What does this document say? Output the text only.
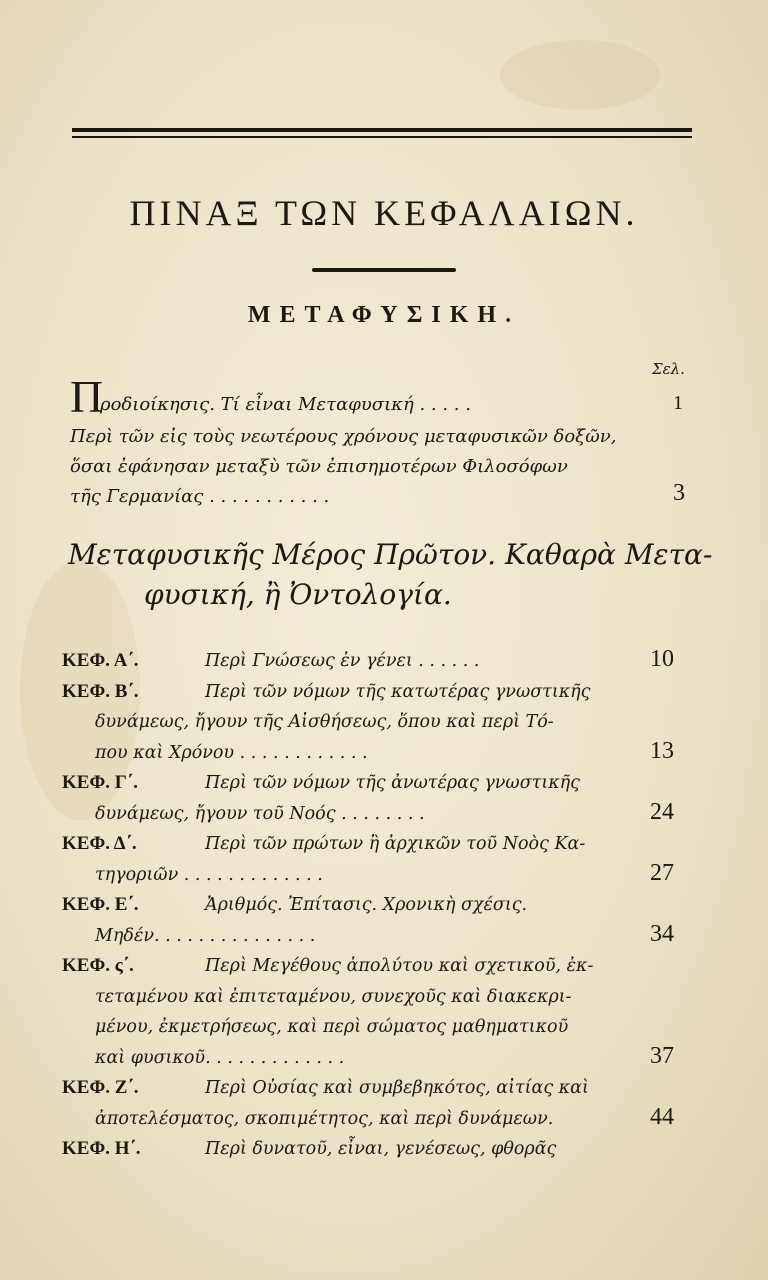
ΠΙΝΑΞ ΤΩΝ ΚΕΦΑΛΑΙΩΝ.
ΜΕΤΑΦΥΣΙΚΗ.
Σελ.
Π
ροδιοίκησις. Τί εἶναι Μεταφυσική . . . . .	1
Περὶ τῶν εἰς τοὺς νεωτέρους χρόνους μεταφυσικῶν δοξῶν,
ὅσαι ἐφάνησαν μεταξὺ τῶν ἐπισημοτέρων Φιλοσόφων
τῆς Γερμανίας . . . . . . . . . . .	3
Μεταφυσικῆς Μέρος Πρῶτον. Καθαρὰ Μετα-
φυσική, ἢ Ὀντολογία.
ΚΕΦ. Α΄.	Περὶ Γνώσεως ἐν γένει . . . . . .	10
ΚΕΦ. Β΄.	Περὶ τῶν νόμων τῆς κατωτέρας γνωστικῆς
δυνάμεως, ἤγουν τῆς Αἰσθήσεως, ὅπου καὶ περὶ Τό-
που καὶ Χρόνου . . . . . . . . . . . .	13
ΚΕΦ. Γ΄.	Περὶ τῶν νόμων τῆς ἀνωτέρας γνωστικῆς
δυνάμεως, ἤγουν τοῦ Νοός . . . . . . . .	24
ΚΕΦ. Δ΄.	Περὶ τῶν πρώτων ἢ ἀρχικῶν τοῦ Νοὸς Κα-
τηγοριῶν . . . . . . . . . . . . .	27
ΚΕΦ. Ε΄.	Ἀριθμός. Ἐπίτασις. Χρονικὴ σχέσις.
Μηδέν. . . . . . . . . . . . . . .	34
ΚΕΦ. ς΄.	Περὶ Μεγέθους ἀπολύτου καὶ σχετικοῦ, ἐκ-
τεταμένου καὶ ἐπιτεταμένου, συνεχοῦς καὶ διακεκρι-
μένου, ἐκμετρήσεως, καὶ περὶ σώματος μαθηματικοῦ
καὶ φυσικοῦ. . . . . . . . . . . . .	37
ΚΕΦ. Ζ΄.	Περὶ Οὐσίας καὶ συμβεβηκότος, αἰτίας καὶ
ἀποτελέσματος, σκοπιμέτητος, καὶ περὶ δυνάμεων.	44
ΚΕΦ. Η΄.	Περὶ δυνατοῦ, εἶναι, γενέσεως, φθορᾶς
